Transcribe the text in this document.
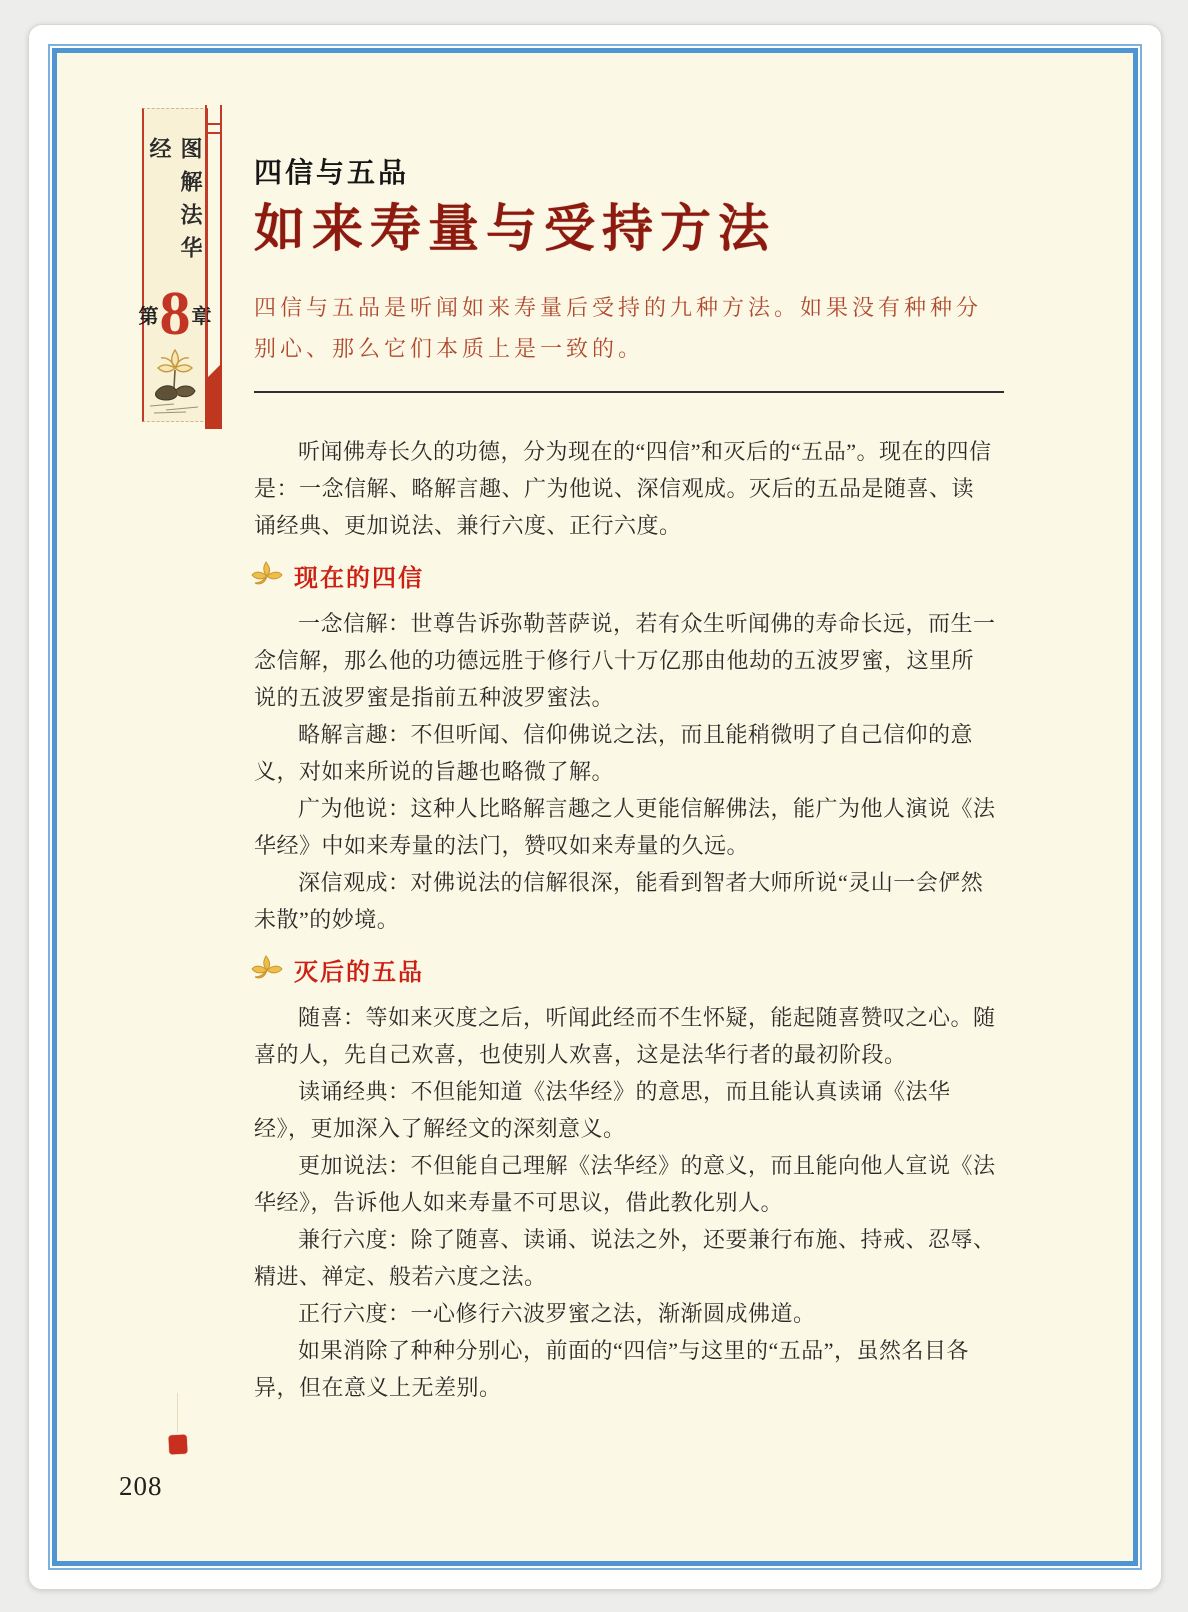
图解法华经
第 8 章
四信与五品
如来寿量与受持方法
四信与五品是听闻如来寿量后受持的九种方法。如果没有种种分别心、那么它们本质上是一致的。

听闻佛寿长久的功德，分为现在的“四信”和灭后的“五品”。现在的四信是：一念信解、略解言趣、广为他说、深信观成。灭后的五品是随喜、读诵经典、更加说法、兼行六度、正行六度。

现在的四信

一念信解：世尊告诉弥勒菩萨说，若有众生听闻佛的寿命长远，而生一念信解，那么他的功德远胜于修行八十万亿那由他劫的五波罗蜜，这里所说的五波罗蜜是指前五种波罗蜜法。

略解言趣：不但听闻、信仰佛说之法，而且能稍微明了自己信仰的意义，对如来所说的旨趣也略微了解。

广为他说：这种人比略解言趣之人更能信解佛法，能广为他人演说《法华经》中如来寿量的法门，赞叹如来寿量的久远。

深信观成：对佛说法的信解很深，能看到智者大师所说“灵山一会俨然未散”的妙境。

灭后的五品

随喜：等如来灭度之后，听闻此经而不生怀疑，能起随喜赞叹之心。随喜的人，先自己欢喜，也使别人欢喜，这是法华行者的最初阶段。

读诵经典：不但能知道《法华经》的意思，而且能认真读诵《法华经》，更加深入了解经文的深刻意义。

更加说法：不但能自己理解《法华经》的意义，而且能向他人宣说《法华经》，告诉他人如来寿量不可思议，借此教化别人。

兼行六度：除了随喜、读诵、说法之外，还要兼行布施、持戒、忍辱、精进、禅定、般若六度之法。

正行六度：一心修行六波罗蜜之法，渐渐圆成佛道。

如果消除了种种分别心，前面的“四信”与这里的“五品”，虽然名目各异，但在意义上无差别。

208
